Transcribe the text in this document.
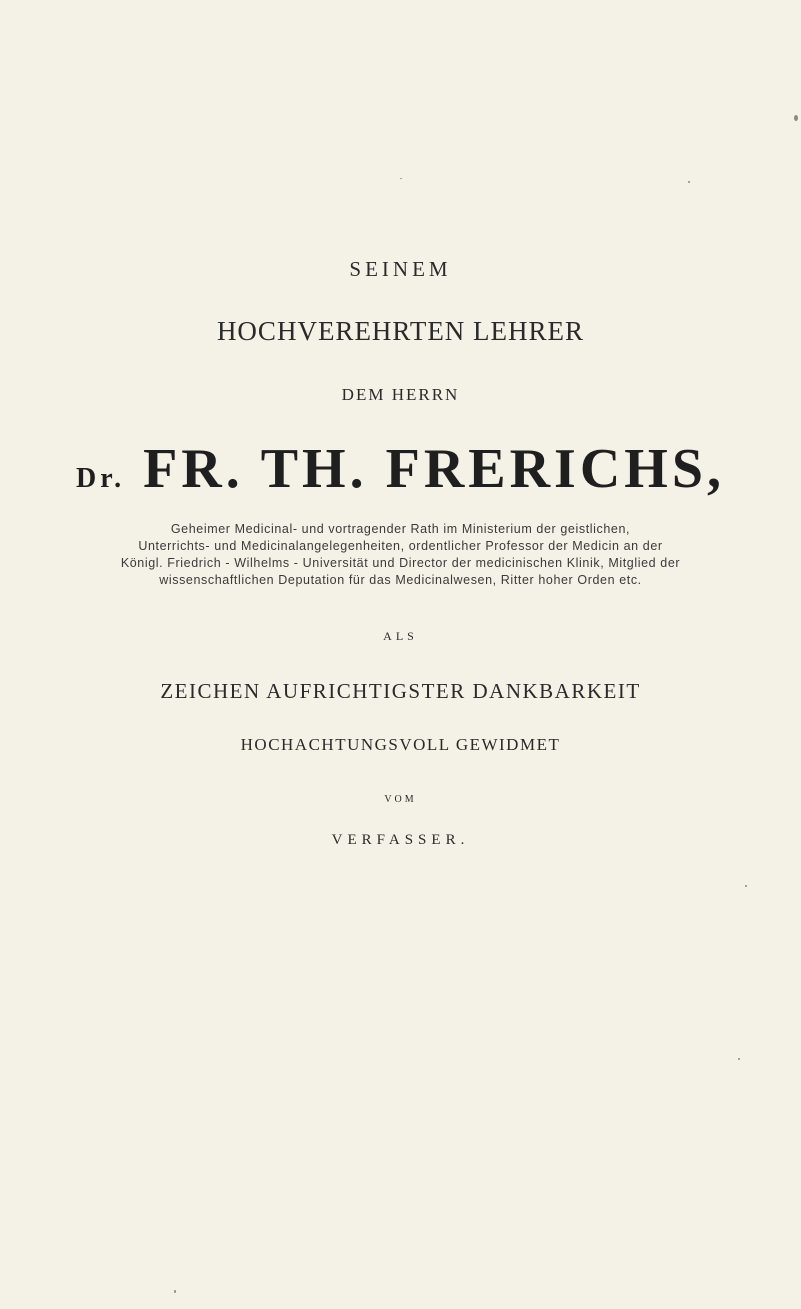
SEINEM
HOCHVEREHRTEN LEHRER
DEM HERRN
Dr. FR. TH. FRERICHS,
Geheimer Medicinal- und vortragender Rath im Ministerium der geistlichen,
Unterrichts- und Medicinalangelegenheiten, ordentlicher Professor der Medicin an der
Königl. Friedrich - Wilhelms - Universität und Director der medicinischen Klinik, Mitglied der
wissenschaftlichen Deputation für das Medicinalwesen, Ritter hoher Orden etc.
ALS
ZEICHEN AUFRICHTIGSTER DANKBARKEIT
HOCHACHTUNGSVOLL GEWIDMET
VOM
VERFASSER.
